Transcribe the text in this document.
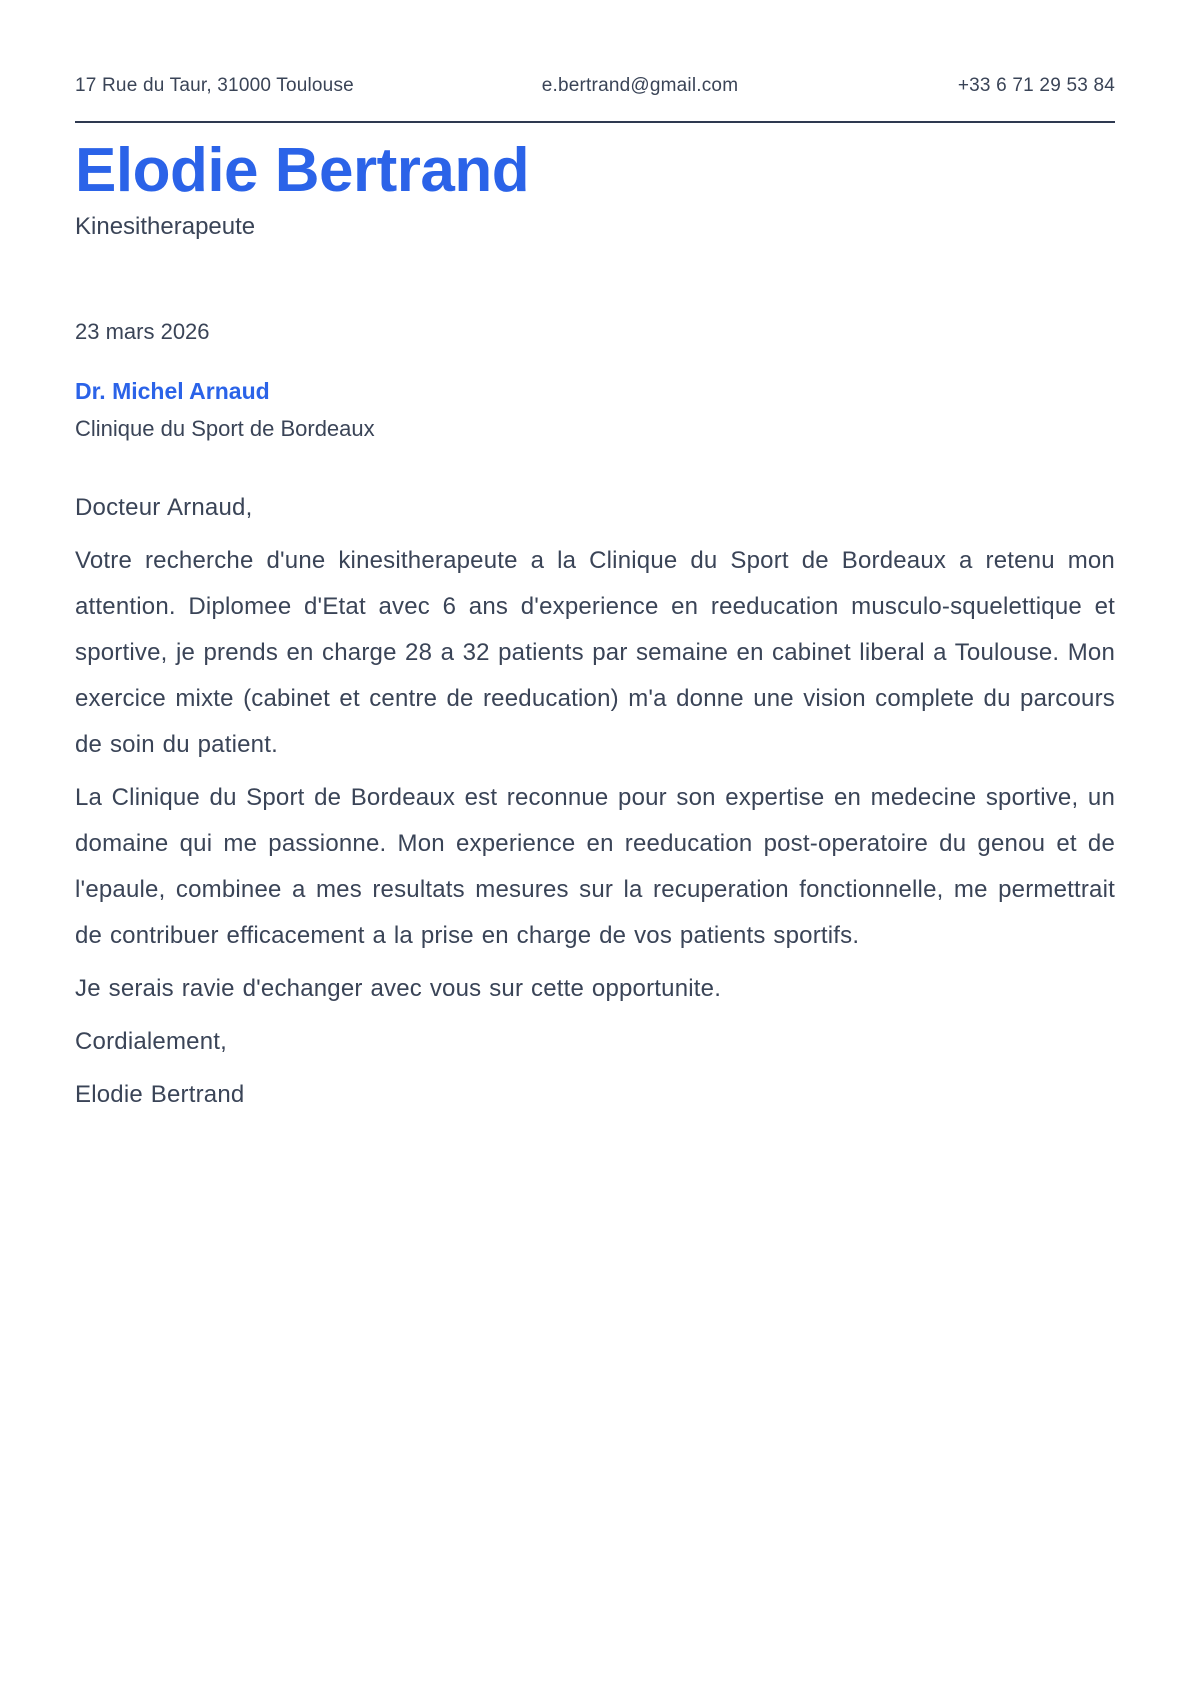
17 Rue du Taur, 31000 Toulouse	e.bertrand@gmail.com	+33 6 71 29 53 84
Elodie Bertrand
Kinesitherapeute
23 mars 2026
Dr. Michel Arnaud
Clinique du Sport de Bordeaux

Docteur Arnaud,

Votre recherche d'une kinesitherapeute a la Clinique du Sport de Bordeaux a retenu mon attention. Diplomee d'Etat avec 6 ans d'experience en reeducation musculo-squelettique et sportive, je prends en charge 28 a 32 patients par semaine en cabinet liberal a Toulouse. Mon exercice mixte (cabinet et centre de reeducation) m'a donne une vision complete du parcours de soin du patient.

La Clinique du Sport de Bordeaux est reconnue pour son expertise en medecine sportive, un domaine qui me passionne. Mon experience en reeducation post-operatoire du genou et de l'epaule, combinee a mes resultats mesures sur la recuperation fonctionnelle, me permettrait de contribuer efficacement a la prise en charge de vos patients sportifs.

Je serais ravie d'echanger avec vous sur cette opportunite.

Cordialement,

Elodie Bertrand
